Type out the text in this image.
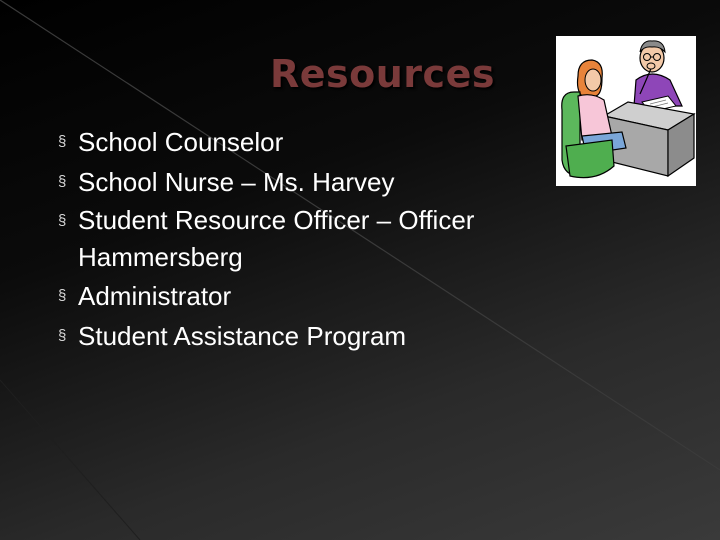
Resources
§ School Counselor
§ School Nurse – Ms. Harvey
§ Student Resource Officer – Officer Hammersberg
§ Administrator
§ Student Assistance Program
